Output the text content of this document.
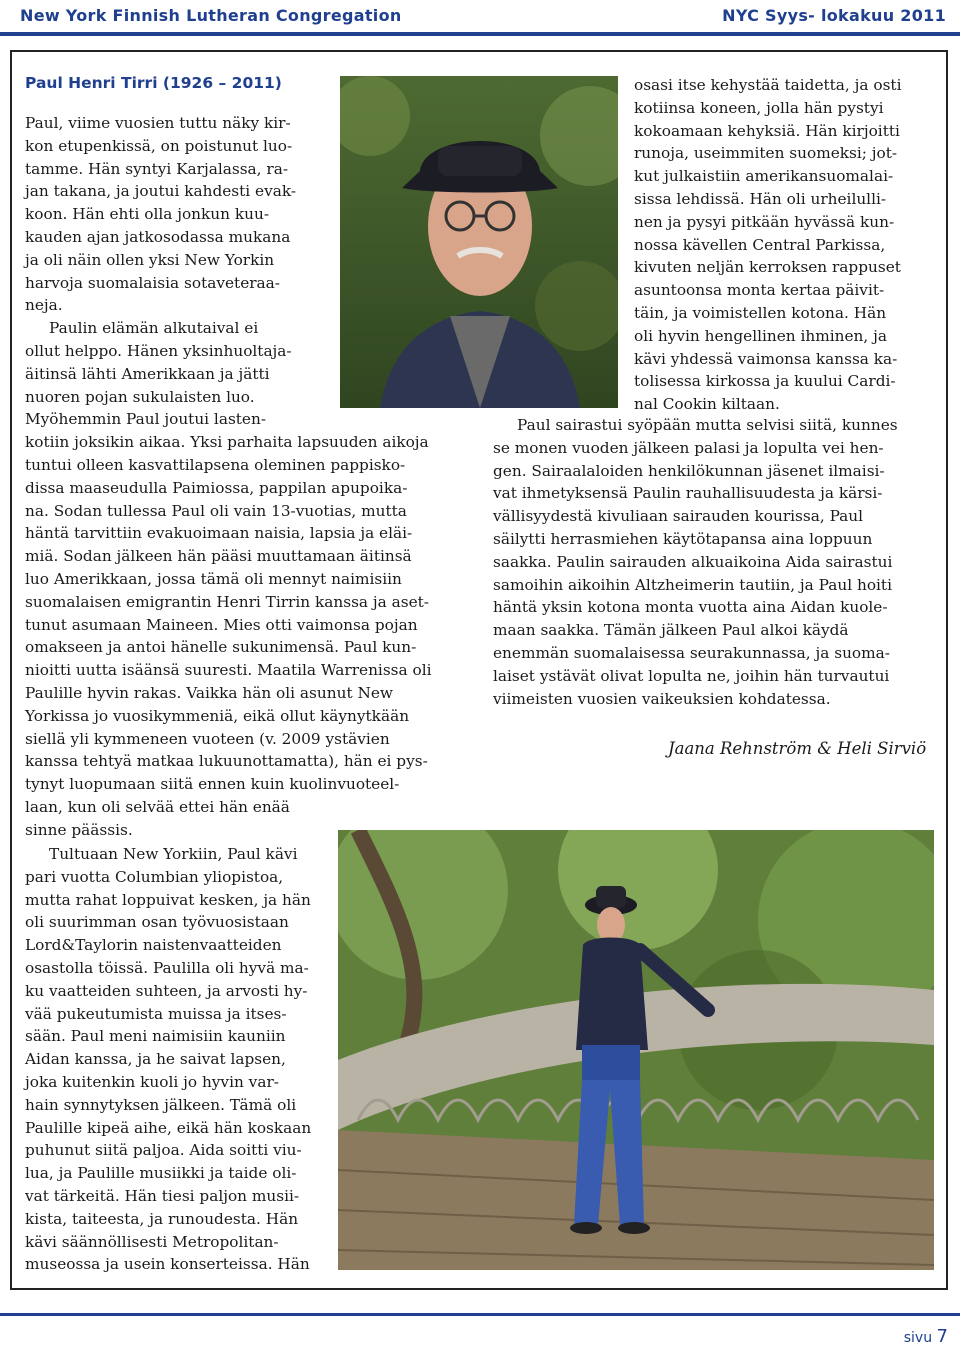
New York Finnish Lutheran Congregation	NYC Syys- lokakuu 2011
Paul Henri Tirri (1926 – 2011)
Paul, viime vuosien tuttu näky kir-
kon etupenkissä, on poistunut luo-
tamme. Hän syntyi Karjalassa, ra-
jan takana, ja joutui kahdesti evak-
koon. Hän ehti olla jonkun kuu-
kauden ajan jatkosodassa mukana
ja oli näin ollen yksi New Yorkin
harvoja suomalaisia sotaveteraa-
neja.
Paulin elämän alkutaival ei
ollut helppo. Hänen yksinhuoltaja-
äitinsä lähti Amerikkaan ja jätti
nuoren pojan sukulaisten luo.
Myöhemmin Paul joutui lasten-
kotiin joksikin aikaa. Yksi parhaita lapsuuden aikoja
tuntui olleen kasvattilapsena oleminen pappisko-
dissa maaseudulla Paimiossa, pappilan apupoika-
na. Sodan tullessa Paul oli vain 13-vuotias, mutta
häntä tarvittiin evakuoimaan naisia, lapsia ja eläi-
miä. Sodan jälkeen hän pääsi muuttamaan äitinsä
luo Amerikkaan, jossa tämä oli mennyt naimisiin
suomalaisen emigrantin Henri Tirrin kanssa ja aset-
tunut asumaan Maineen. Mies otti vaimonsa pojan
omakseen ja antoi hänelle sukunimensä. Paul kun-
nioitti uutta isäänsä suuresti. Maatila Warrenissa oli
Paulille hyvin rakas. Vaikka hän oli asunut New
Yorkissa jo vuosikymmeniä, eikä ollut käynytkään
siellä yli kymmeneen vuoteen (v. 2009 ystävien
kanssa tehtyä matkaa lukuunottamatta), hän ei pys-
tynyt luopumaan siitä ennen kuin kuolinvuoteel-
laan, kun oli selvää ettei hän enää
sinne päässis.
Tultuaan New Yorkiin, Paul kävi
pari vuotta Columbian yliopistoa,
mutta rahat loppuivat kesken, ja hän
oli suurimman osan työvuosistaan
Lord&Taylorin naistenvaatteiden
osastolla töissä. Paulilla oli hyvä ma-
ku vaatteiden suhteen, ja arvosti hy-
vää pukeutumista muissa ja itses-
sään. Paul meni naimisiin kauniin
Aidan kanssa, ja he saivat lapsen,
joka kuitenkin kuoli jo hyvin var-
hain synnytyksen jälkeen. Tämä oli
Paulille kipeä aihe, eikä hän koskaan
puhunut siitä paljoa. Aida soitti viu-
lua, ja Paulille musiikki ja taide oli-
vat tärkeitä. Hän tiesi paljon musii-
kista, taiteesta, ja runoudesta. Hän
kävi säännöllisesti Metropolitan-
museossa ja usein konserteissa. Hän
osasi itse kehystää taidetta, ja osti
kotiinsa koneen, jolla hän pystyi
kokoamaan kehyksiä. Hän kirjoitti
runoja, useimmiten suomeksi; jot-
kut julkaistiin amerikansuomalai-
sissa lehdissä. Hän oli urheilulli-
nen ja pysyi pitkään hyvässä kun-
nossa kävellen Central Parkissa,
kivuten neljän kerroksen rappuset
asuntoonsa monta kertaa päivit-
täin, ja voimistellen kotona. Hän
oli hyvin hengellinen ihminen, ja
kävi yhdessä vaimonsa kanssa ka-
tolisessa kirkossa ja kuului Cardi-
nal Cookin kiltaan.
Paul sairastui syöpään mutta selvisi siitä, kunnes
se monen vuoden jälkeen palasi ja lopulta vei hen-
gen. Sairaalaloiden henkilökunnan jäsenet ilmaisi-
vat ihmetyksensä Paulin rauhallisuudesta ja kärsi-
vällisyydestä kivuliaan sairauden kourissa, Paul
säilytti herrasmiehen käytötapansa aina loppuun
saakka. Paulin sairauden alkuaikoina Aida sairastui
samoihin aikoihin Altzheimerin tautiin, ja Paul hoiti
häntä yksin kotona monta vuotta aina Aidan kuole-
maan saakka. Tämän jälkeen Paul alkoi käydä
enemmän suomalaisessa seurakunnassa, ja suoma-
laiset ystävät olivat lopulta ne, joihin hän turvautui
viimeisten vuosien vaikeuksien kohdatessa.
Jaana Rehnström & Heli Sirviö
sivu 7
